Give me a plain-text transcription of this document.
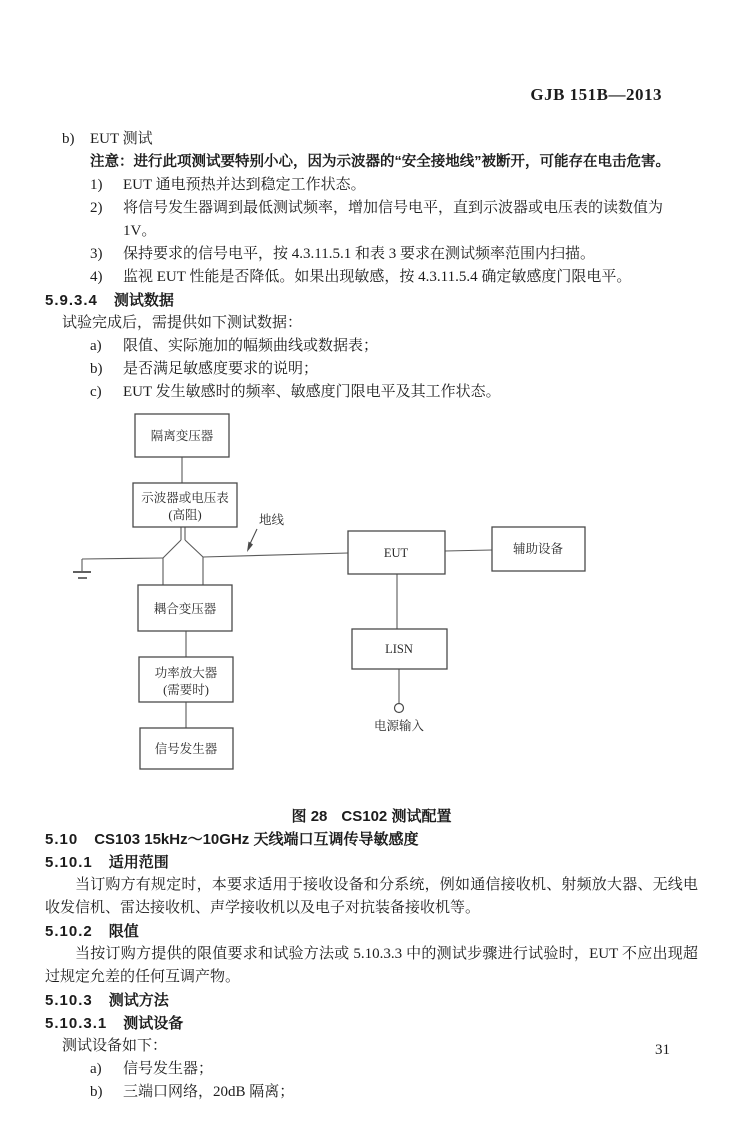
GJB 151B—2013
b)	EUT 测试
注意：进行此项测试要特别小心，因为示波器的“安全接地线”被断开，可能存在电击危害。
1)	EUT 通电预热并达到稳定工作状态。
2)	将信号发生器调到最低测试频率，增加信号电平，直到示波器或电压表的读数值为 1V。
3)	保持要求的信号电平，按 4.3.11.5.1 和表 3 要求在测试频率范围内扫描。
4)	监视 EUT 性能是否降低。如果出现敏感，按 4.3.11.5.4 确定敏感度门限电平。
5.9.3.4 测试数据
试验完成后，需提供如下测试数据：
a)	限值、实际施加的幅频曲线或数据表；
b)	是否满足敏感度要求的说明；
c)	EUT 发生敏感时的频率、敏感度门限电平及其工作状态。
地线
隔离变压器
示波器或电压表
(高阻)
耦合变压器
功率放大器
(需要时)
信号发生器
EUT	辅助设备
LISN
电源输入
图 28 CS102 测试配置
5.10 CS103 15kHz～10GHz 天线端口互调传导敏感度
5.10.1 适用范围
当订购方有规定时，本要求适用于接收设备和分系统，例如通信接收机、射频放大器、无线电收发信机、雷达接收机、声学接收机以及电子对抗装备接收机等。
5.10.2 限值
当按订购方提供的限值要求和试验方法或 5.10.3.3 中的测试步骤进行试验时，EUT 不应出现超过规定允差的任何互调产物。
5.10.3 测试方法
5.10.3.1 测试设备
测试设备如下：
a)	信号发生器；
b)	三端口网络，20dB 隔离；
31
